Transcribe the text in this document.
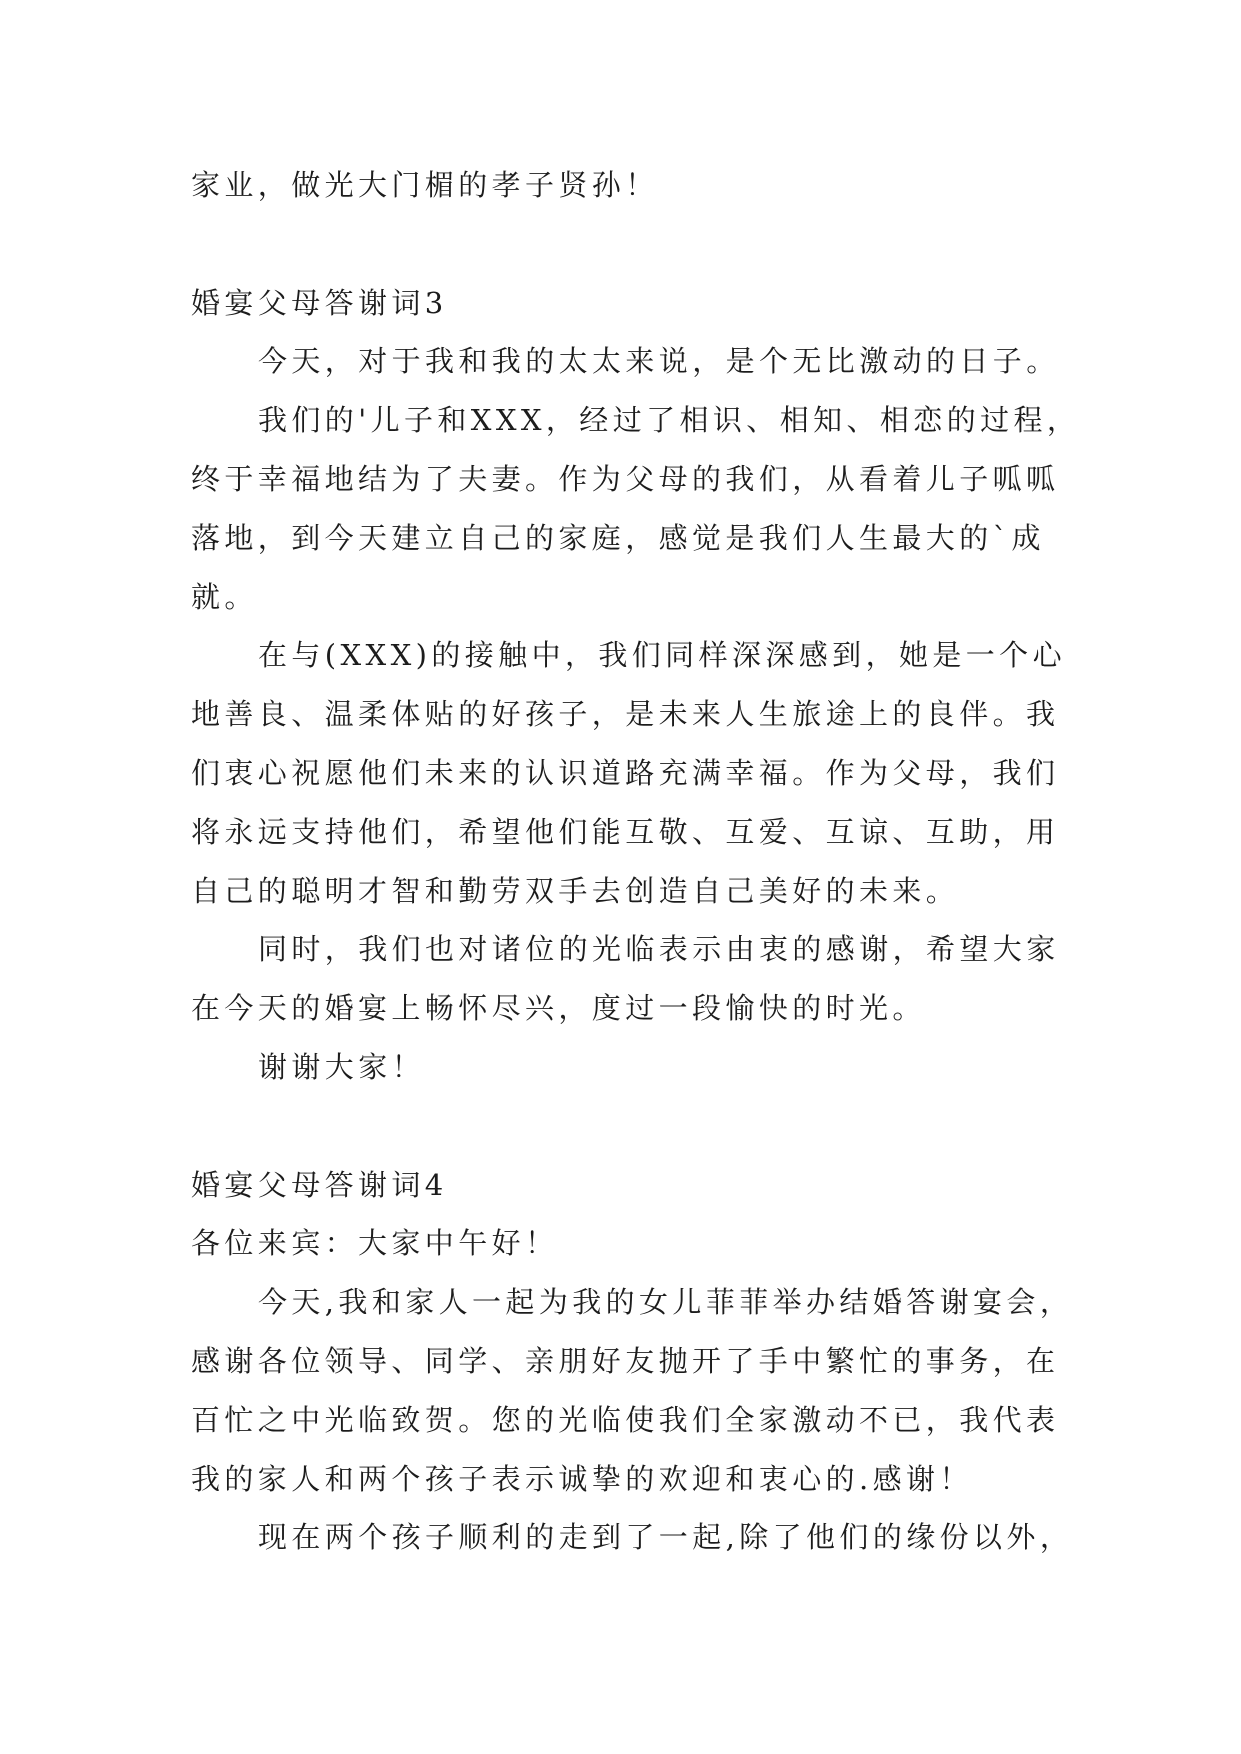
家业，做光大门楣的孝子贤孙！
婚宴父母答谢词3
今天，对于我和我的太太来说，是个无比激动的日子。
我们的'儿子和XXX，经过了相识、相知、相恋的过程，
终于幸福地结为了夫妻。作为父母的我们，从看着儿子呱呱
落地，到今天建立自己的家庭，感觉是我们人生最大的`成
就。
在与(XXX)的接触中，我们同样深深感到，她是一个心
地善良、温柔体贴的好孩子，是未来人生旅途上的良伴。我
们衷心祝愿他们未来的认识道路充满幸福。作为父母，我们
将永远支持他们，希望他们能互敬、互爱、互谅、互助，用
自己的聪明才智和勤劳双手去创造自己美好的未来。
同时，我们也对诸位的光临表示由衷的感谢，希望大家
在今天的婚宴上畅怀尽兴，度过一段愉快的时光。
谢谢大家！
婚宴父母答谢词4
各位来宾：大家中午好！
今天,我和家人一起为我的女儿菲菲举办结婚答谢宴会，
感谢各位领导、同学、亲朋好友抛开了手中繁忙的事务，在
百忙之中光临致贺。您的光临使我们全家激动不已，我代表
我的家人和两个孩子表示诚挚的欢迎和衷心的.感谢！
现在两个孩子顺利的走到了一起,除了他们的缘份以外，
